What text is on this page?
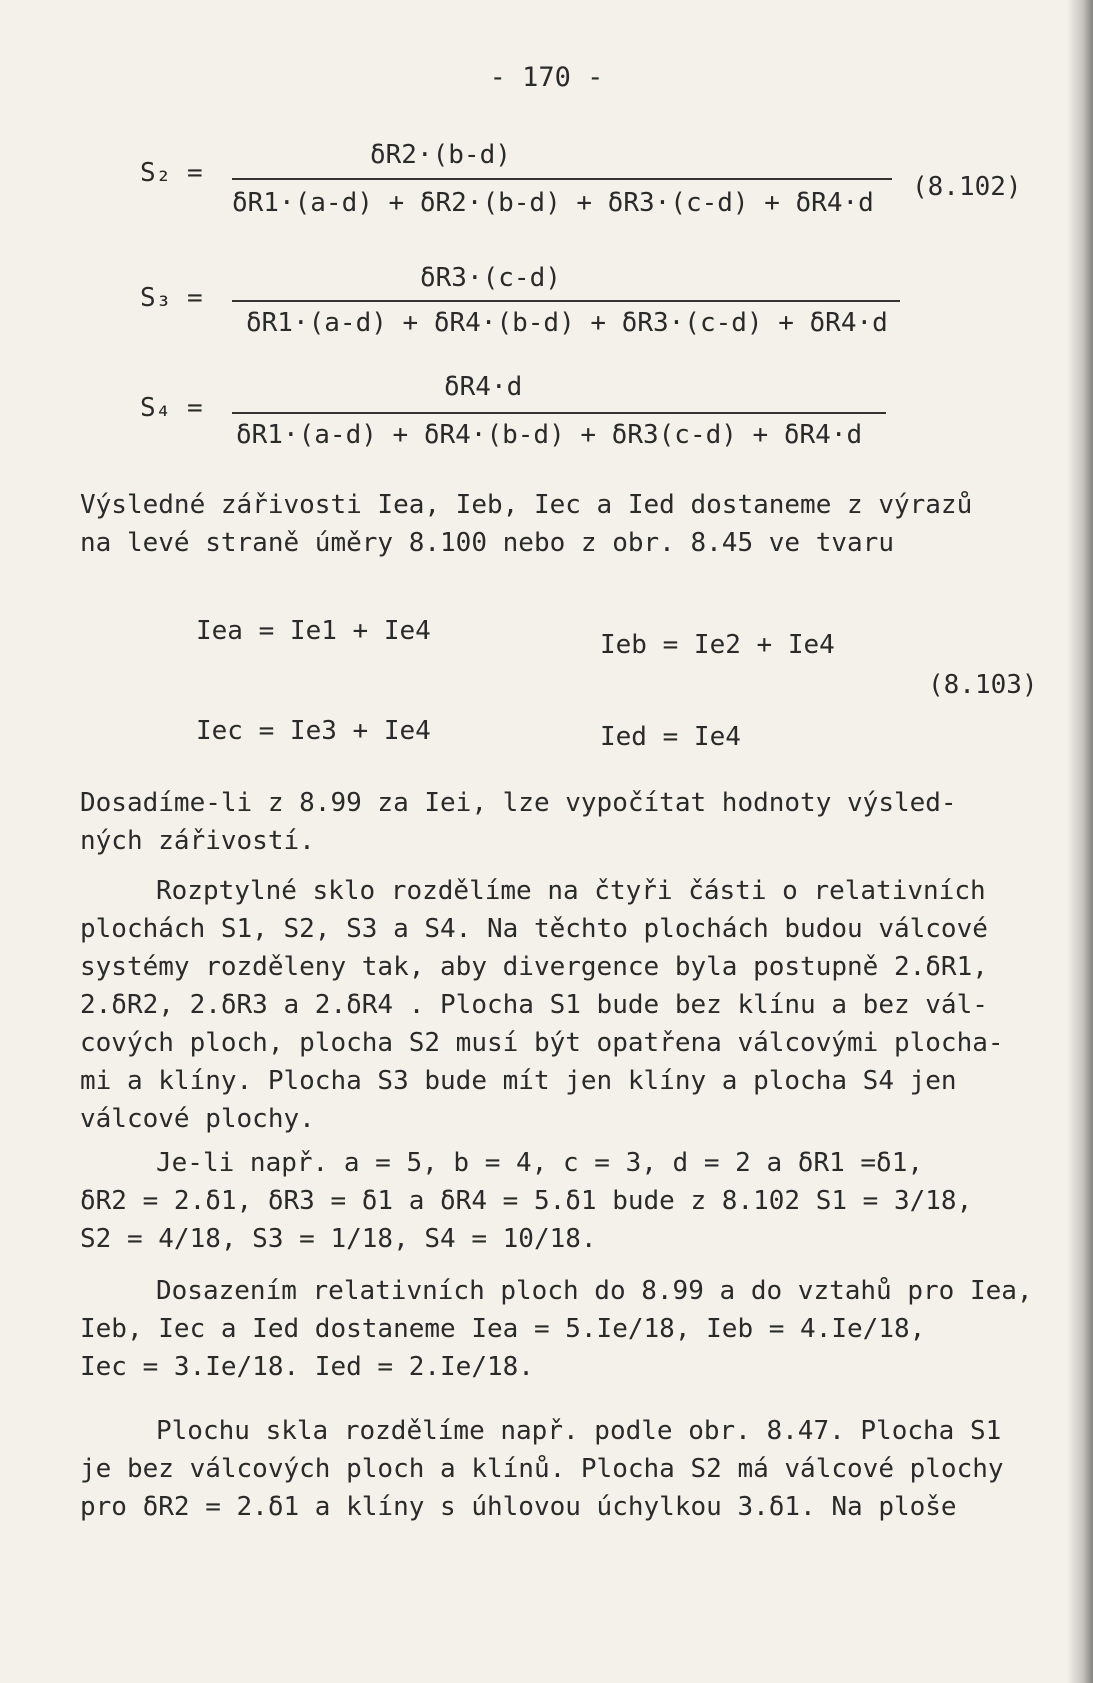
- 170 -
S₂ =
δR2·(b-d)
δR1·(a-d) + δR2·(b-d) + δR3·(c-d) + δR4·d
(8.102)
S₃ =
δR3·(c-d)
δR1·(a-d) + δR4·(b-d) + δR3·(c-d) + δR4·d
S₄ =
δR4·d
δR1·(a-d) + δR4·(b-d) + δR3(c-d) + δR4·d
Výsledné zářivosti Iea, Ieb, Iec a Ied dostaneme z výrazů
na levé straně úměry 8.100 nebo z obr. 8.45 ve tvaru
Iea = Ie1 + Ie4	Ieb = Ie2 + Ie4
(8.103)
Iec = Ie3 + Ie4	Ied = Ie4
Dosadíme-li z 8.99 za Iei, lze vypočítat hodnoty výsled-
ných zářivostí.
Rozptylné sklo rozdělíme na čtyři části o relativních
plochách S1, S2, S3 a S4. Na těchto plochách budou válcové
systémy rozděleny tak, aby divergence byla postupně 2.δR1,
2.δR2, 2.δR3 a 2.δR4 . Plocha S1 bude bez klínu a bez vál-
cových ploch, plocha S2 musí být opatřena válcovými plocha-
mi a klíny. Plocha S3 bude mít jen klíny a plocha S4 jen
válcové plochy.
Je-li např. a = 5, b = 4, c = 3, d = 2 a δR1 =δ1,
δR2 = 2.δ1, δR3 = δ1 a δR4 = 5.δ1 bude z 8.102 S1 = 3/18,
S2 = 4/18, S3 = 1/18, S4 = 10/18.
Dosazením relativních ploch do 8.99 a do vztahů pro Iea,
Ieb, Iec a Ied dostaneme Iea = 5.Ie/18, Ieb = 4.Ie/18,
Iec = 3.Ie/18. Ied = 2.Ie/18.
Plochu skla rozdělíme např. podle obr. 8.47. Plocha S1
je bez válcových ploch a klínů. Plocha S2 má válcové plochy
pro δR2 = 2.δ1 a klíny s úhlovou úchylkou 3.δ1. Na ploše
